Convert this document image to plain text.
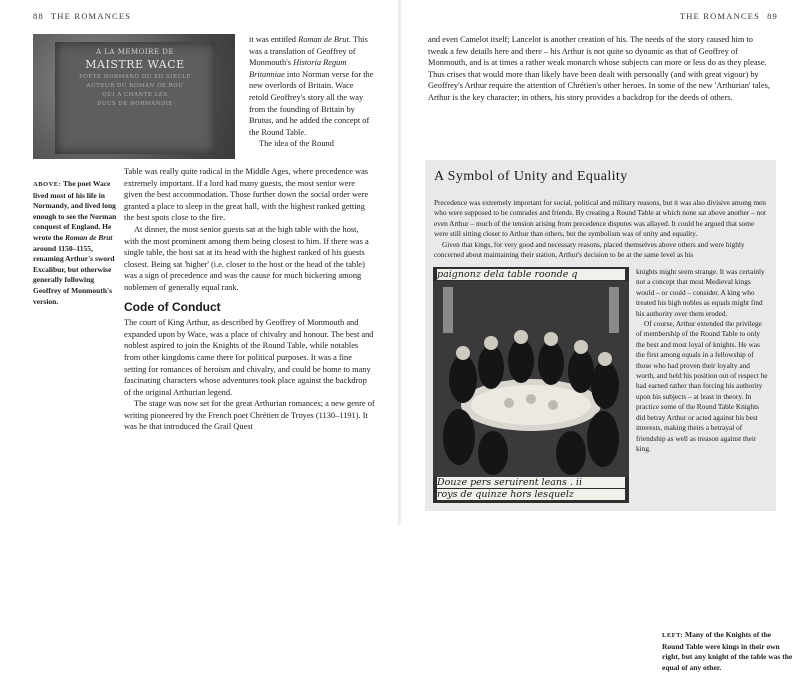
88 THE ROMANCES
A LA MEMOIRE DE
MAISTRE WACE
POETE NORMAND DU XII SIECLE
AUTEUR DU ROMAN DE ROU
QUI A CHANTE LES
DUCS DE NORMANDIE
ABOVE: The poet Wace lived most of his life in Normandy, and lived long enough to see the Norman conquest of England. He wrote the Roman de Brut around 1150–1155, renaming Arthur's sword Excalibur, but otherwise generally following Geoffrey of Monmouth's version.

it was entitled Roman de Brut. This was a translation of Geoffrey of Monmouth's Historia Regum Britanniae into Norman verse for the new overlords of Britain. Wace retold Geoffrey's story all the way from the founding of Britain by Brutus, and he added the concept of the Round Table.

The idea of the Round

Table was really quite radical in the Middle Ages, where precedence was extremely important. If a lord had many guests, the most senior were given the best accommodation. Those further down the social order were granted a place to sleep in the great hall, with the highest ranked getting the best spots close to the fire.

At dinner, the most senior guests sat at the high table with the host, with the most prominent among them being closest to him. If there was a single table, the host sat at its head with the highest ranked of his guests closest. Being sat 'higher' (i.e. closer to the host or the head of the table) was a sign of precedence and was the cause for much bickering among noblemen of generally equal rank.

Code of Conduct

The court of King Arthur, as described by Geoffrey of Monmouth and expanded upon by Wace, was a place of chivalry and honour. The best and noblest aspired to join the Knights of the Round Table, while notables from other kingdoms came there for political purposes. It was a fine setting for romances of heroism and chivalry, and could be home to many fascinating characters whose adventures took place against the backdrop of the original Arthurian legend.

The stage was now set for the great Arthurian romances; a new genre of writing pioneered by the French poet Chrétien de Troyes (1130–1191). It was he that introduced the Grail Quest

THE ROMANCES 89

and even Camelot itself; Lancelot is another creation of his. The needs of the story caused him to tweak a few details here and there – his Arthur is not quite so dynamic as that of Geoffrey of Monmouth, and is at times a rather weak monarch whose subjects can more or less do as they please. Thus crises that would more than likely have been dealt with personally (and with great vigour) by Geoffrey's Arthur require the attention of Chrétien's other heroes. In some of the new 'Arthurian' tales, Arthur is the key character; in others, his story provides a backdrop for the deeds of others.

A Symbol of Unity and Equality

Precedence was extremely important for social, political and military reasons, but it was also divisive among men who were supposed to be comrades and friends. By creating a Round Table at which none sat above another – not even Arthur – much of the tension arising from precedence disputes was allayed. It could be argued that some were still sitting closer to Arthur than others, but the symbolism was of unity and equality.

Given that kings, for very good and necessary reasons, placed themselves above others and were highly concerned about maintaining their station, Arthur's decision to be at the same level as his

paignonz dela table roonde q
Douze pers seruirent leans . ii
roys de quinze hors lesquelz

knights might seem strange. It was certainly not a concept that most Medieval kings would – or could – consider. A king who treated his high nobles as equals might find his authority over them eroded.

Of course, Arthur extended the privilege of membership of the Round Table to only the best and most loyal of knights. He was the first among equals in a fellowship of those who had proven their loyalty and worth, and held his position out of respect he had earned rather than forcing his authority upon his subjects – at least in theory. In practice some of the Round Table Knights did betray Arthur or acted against his best interests, making theirs a betrayal of friendship as well as treason against their king.

LEFT: Many of the Knights of the Round Table were kings in their own right, but any knight of the table was the equal of any other.
